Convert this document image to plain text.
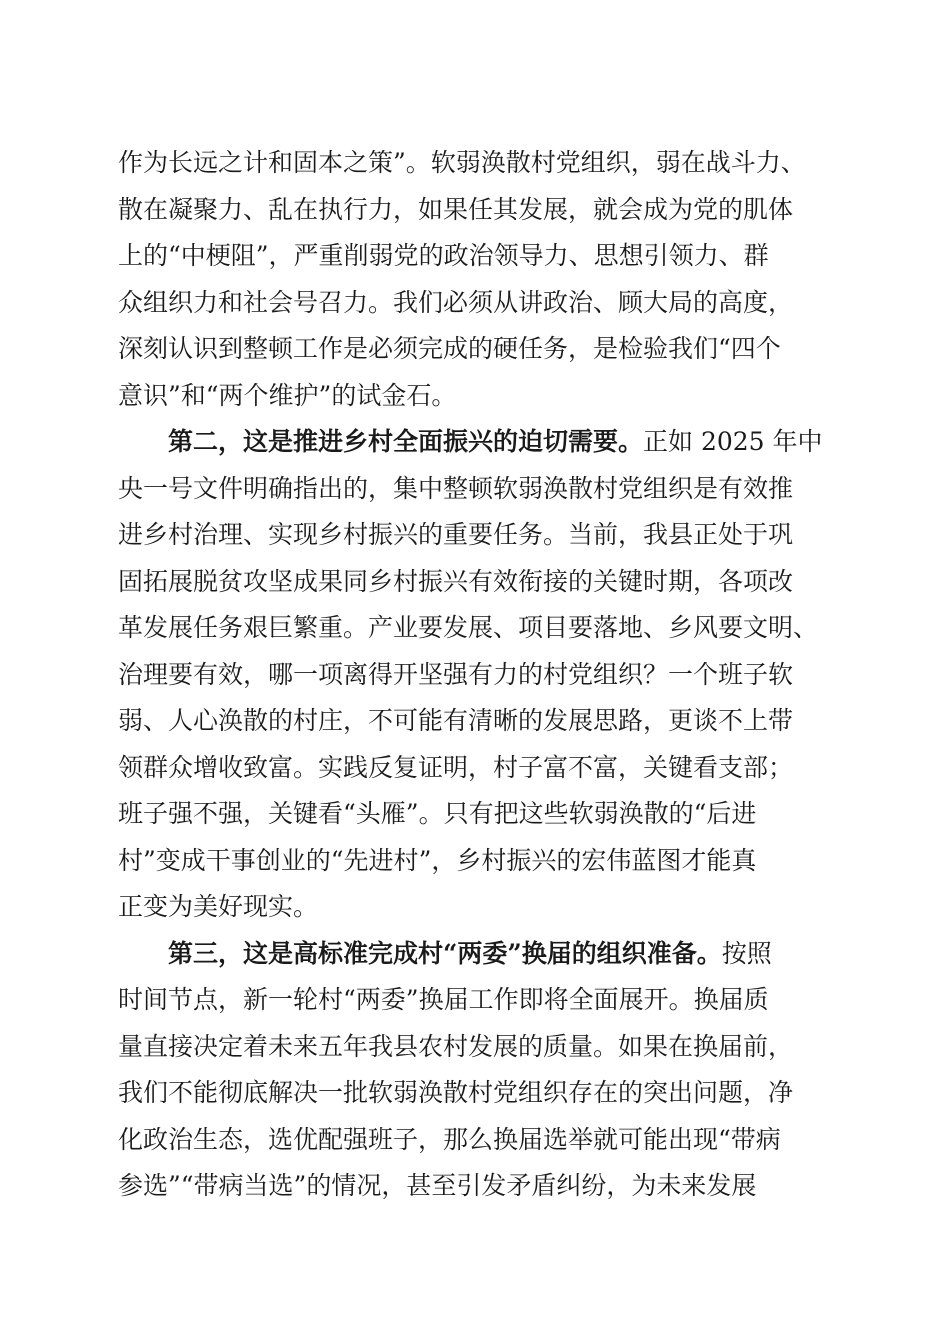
作为长远之计和固本之策”。软弱涣散村党组织，弱在战斗力、
散在凝聚力、乱在执行力，如果任其发展，就会成为党的肌体
上的“中梗阻”，严重削弱党的政治领导力、思想引领力、群
众组织力和社会号召力。我们必须从讲政治、顾大局的高度，
深刻认识到整顿工作是必须完成的硬任务，是检验我们“四个
意识”和“两个维护”的试金石。
第二，这是推进乡村全面振兴的迫切需要。正如 2025 年中
央一号文件明确指出的，集中整顿软弱涣散村党组织是有效推
进乡村治理、实现乡村振兴的重要任务。当前，我县正处于巩
固拓展脱贫攻坚成果同乡村振兴有效衔接的关键时期，各项改
革发展任务艰巨繁重。产业要发展、项目要落地、乡风要文明、
治理要有效，哪一项离得开坚强有力的村党组织？一个班子软
弱、人心涣散的村庄，不可能有清晰的发展思路，更谈不上带
领群众增收致富。实践反复证明，村子富不富，关键看支部；
班子强不强，关键看“头雁”。只有把这些软弱涣散的“后进
村”变成干事创业的“先进村”，乡村振兴的宏伟蓝图才能真
正变为美好现实。
第三，这是高标准完成村“两委”换届的组织准备。按照
时间节点，新一轮村“两委”换届工作即将全面展开。换届质
量直接决定着未来五年我县农村发展的质量。如果在换届前，
我们不能彻底解决一批软弱涣散村党组织存在的突出问题，净
化政治生态，选优配强班子，那么换届选举就可能出现“带病
参选”“带病当选”的情况，甚至引发矛盾纠纷，为未来发展
